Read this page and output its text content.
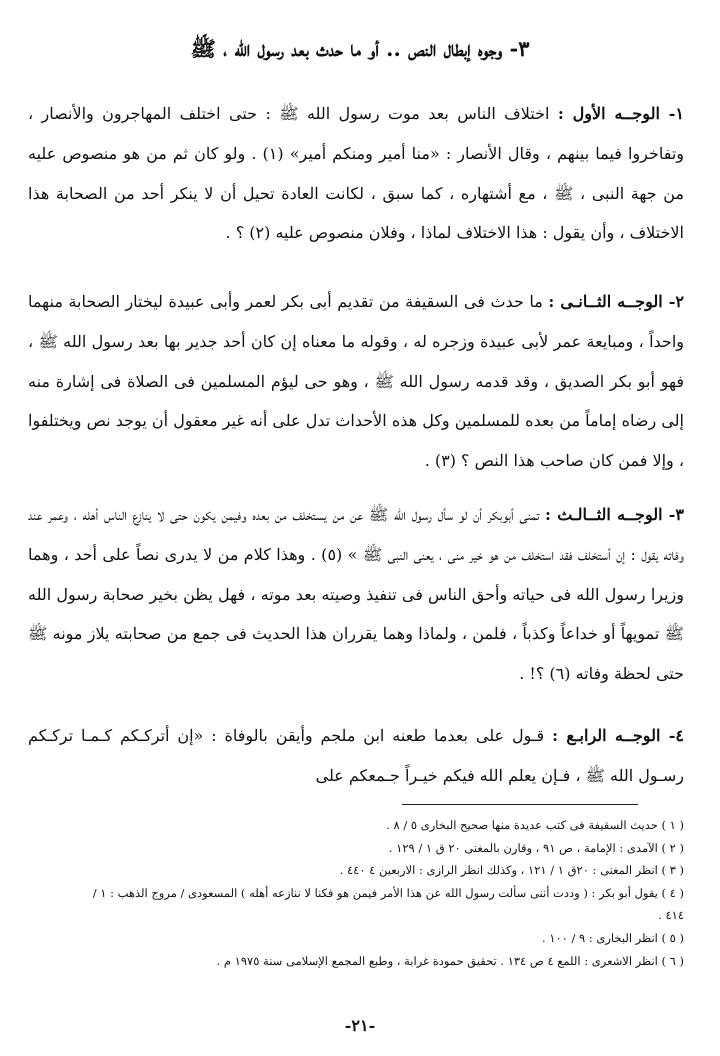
٣- وجوه إبطال النص .. أو ما حدث بعد رسول الله ، ﷺ

١- الوجــه الأول : اختلاف الناس بعد موت رسول الله ﷺ : حتى اختلف المهاجرون والأنصار ، وتفاخروا فيما بينهم ، وقال الأنصار : «منا أمير ومنكم أمير» (١) . ولو كان ثم من هو منصوص عليه من جهة النبى ، ﷺ ، مع أشتهاره ، كما سبق ، لكانت العادة تحيل أن لا ينكر أحد من الصحابة هذا الاختلاف ، وأن يقول : هذا الاختلاف لماذا ، وفلان منصوص عليه (٢) ؟ .

٢- الوجــه الثــانـى : ما حدث فى السقيفة من تقديم أبى بكر لعمر وأبى عبيدة ليختار الصحابة منهما واحداً ، ومبايعة عمر لأبى عبيدة وزجره له ، وقوله ما معناه إن كان أحد جدير بها بعد رسول الله ﷺ ، فهو أبو بكر الصديق ، وقد قدمه رسول الله ﷺ ، وهو حى ليؤم المسلمين فى الصلاة فى إشارة منه إلى رضاه إماماً من بعده للمسلمين وكل هذه الأحداث تدل على أنه غير معقول أن يوجد نص ويختلفوا ، وإلا فمن كان صاحب هذا النص ؟ (٣) .

٣- الوجــه الثــالـث : تمنى أبوبكر أن لو سأل رسول الله ﷺ عن من يستخلف من بعده وفيمن يكون حتى لا ينازع الناس أهله ، وعمر عند وفاته يقول : إن أستخلف فقد استخلف من هو خير منى ، يعنى النبى ﷺ » (٥) . وهذا كلام من لا يدرى نصاً على أحد ، وهما وزيرا رسول الله فى حياته وأحق الناس فى تنفيذ وصيته بعد موته ، فهل يظن بخير صحابة رسول الله ﷺ تمويهاً أو خداعاً وكذباً ، فلمن ، ولماذا وهما يقرران هذا الحديث فى جمع من صحابته يلاز مونه ﷺ حتى لحظة وفاته (٦) ؟! .

٤- الوجــه الرابـع : قـول على بعدما طعنه ابن ملجم وأيقن بالوفاة : «إن أتركـكم كـمـا تركـكم رسـول الله ﷺ ، فـإن يعلم الله فيكم خيـراً جـمعكم على

( ١ ) حديث السقيفة فى كتب عديدة منها صحيح البخارى ٥ / ٨ .
( ٢ ) الآمدى : الإمامة ، ص ٩١ ، وقارن بالمغنى ٢٠ ق ١ / ١٢٩ .
( ٣ ) انظر المغنى : ٢٠ق ١ / ١٢١ ، وكذلك انظر الرازى : الاربعين ٤ ٤٤٠ .
( ٤ ) يقول أبو بكر : ( وددت أننى سألت رسول الله عن هذا الأمر فيمن هو فكنا لا ننازعه أهله ) المسعودى / مروج الذهب : ١ / ٤١٤ .
( ٥ ) انظر البخارى : ٩ / ١٠٠ .
( ٦ ) انظر الاشعرى : اللمع ٤ ص ١٣٤ . تحقيق حمودة غرابة ، وطبع المجمع الإسلامى سنة ١٩٧٥ م .
-٢١-
